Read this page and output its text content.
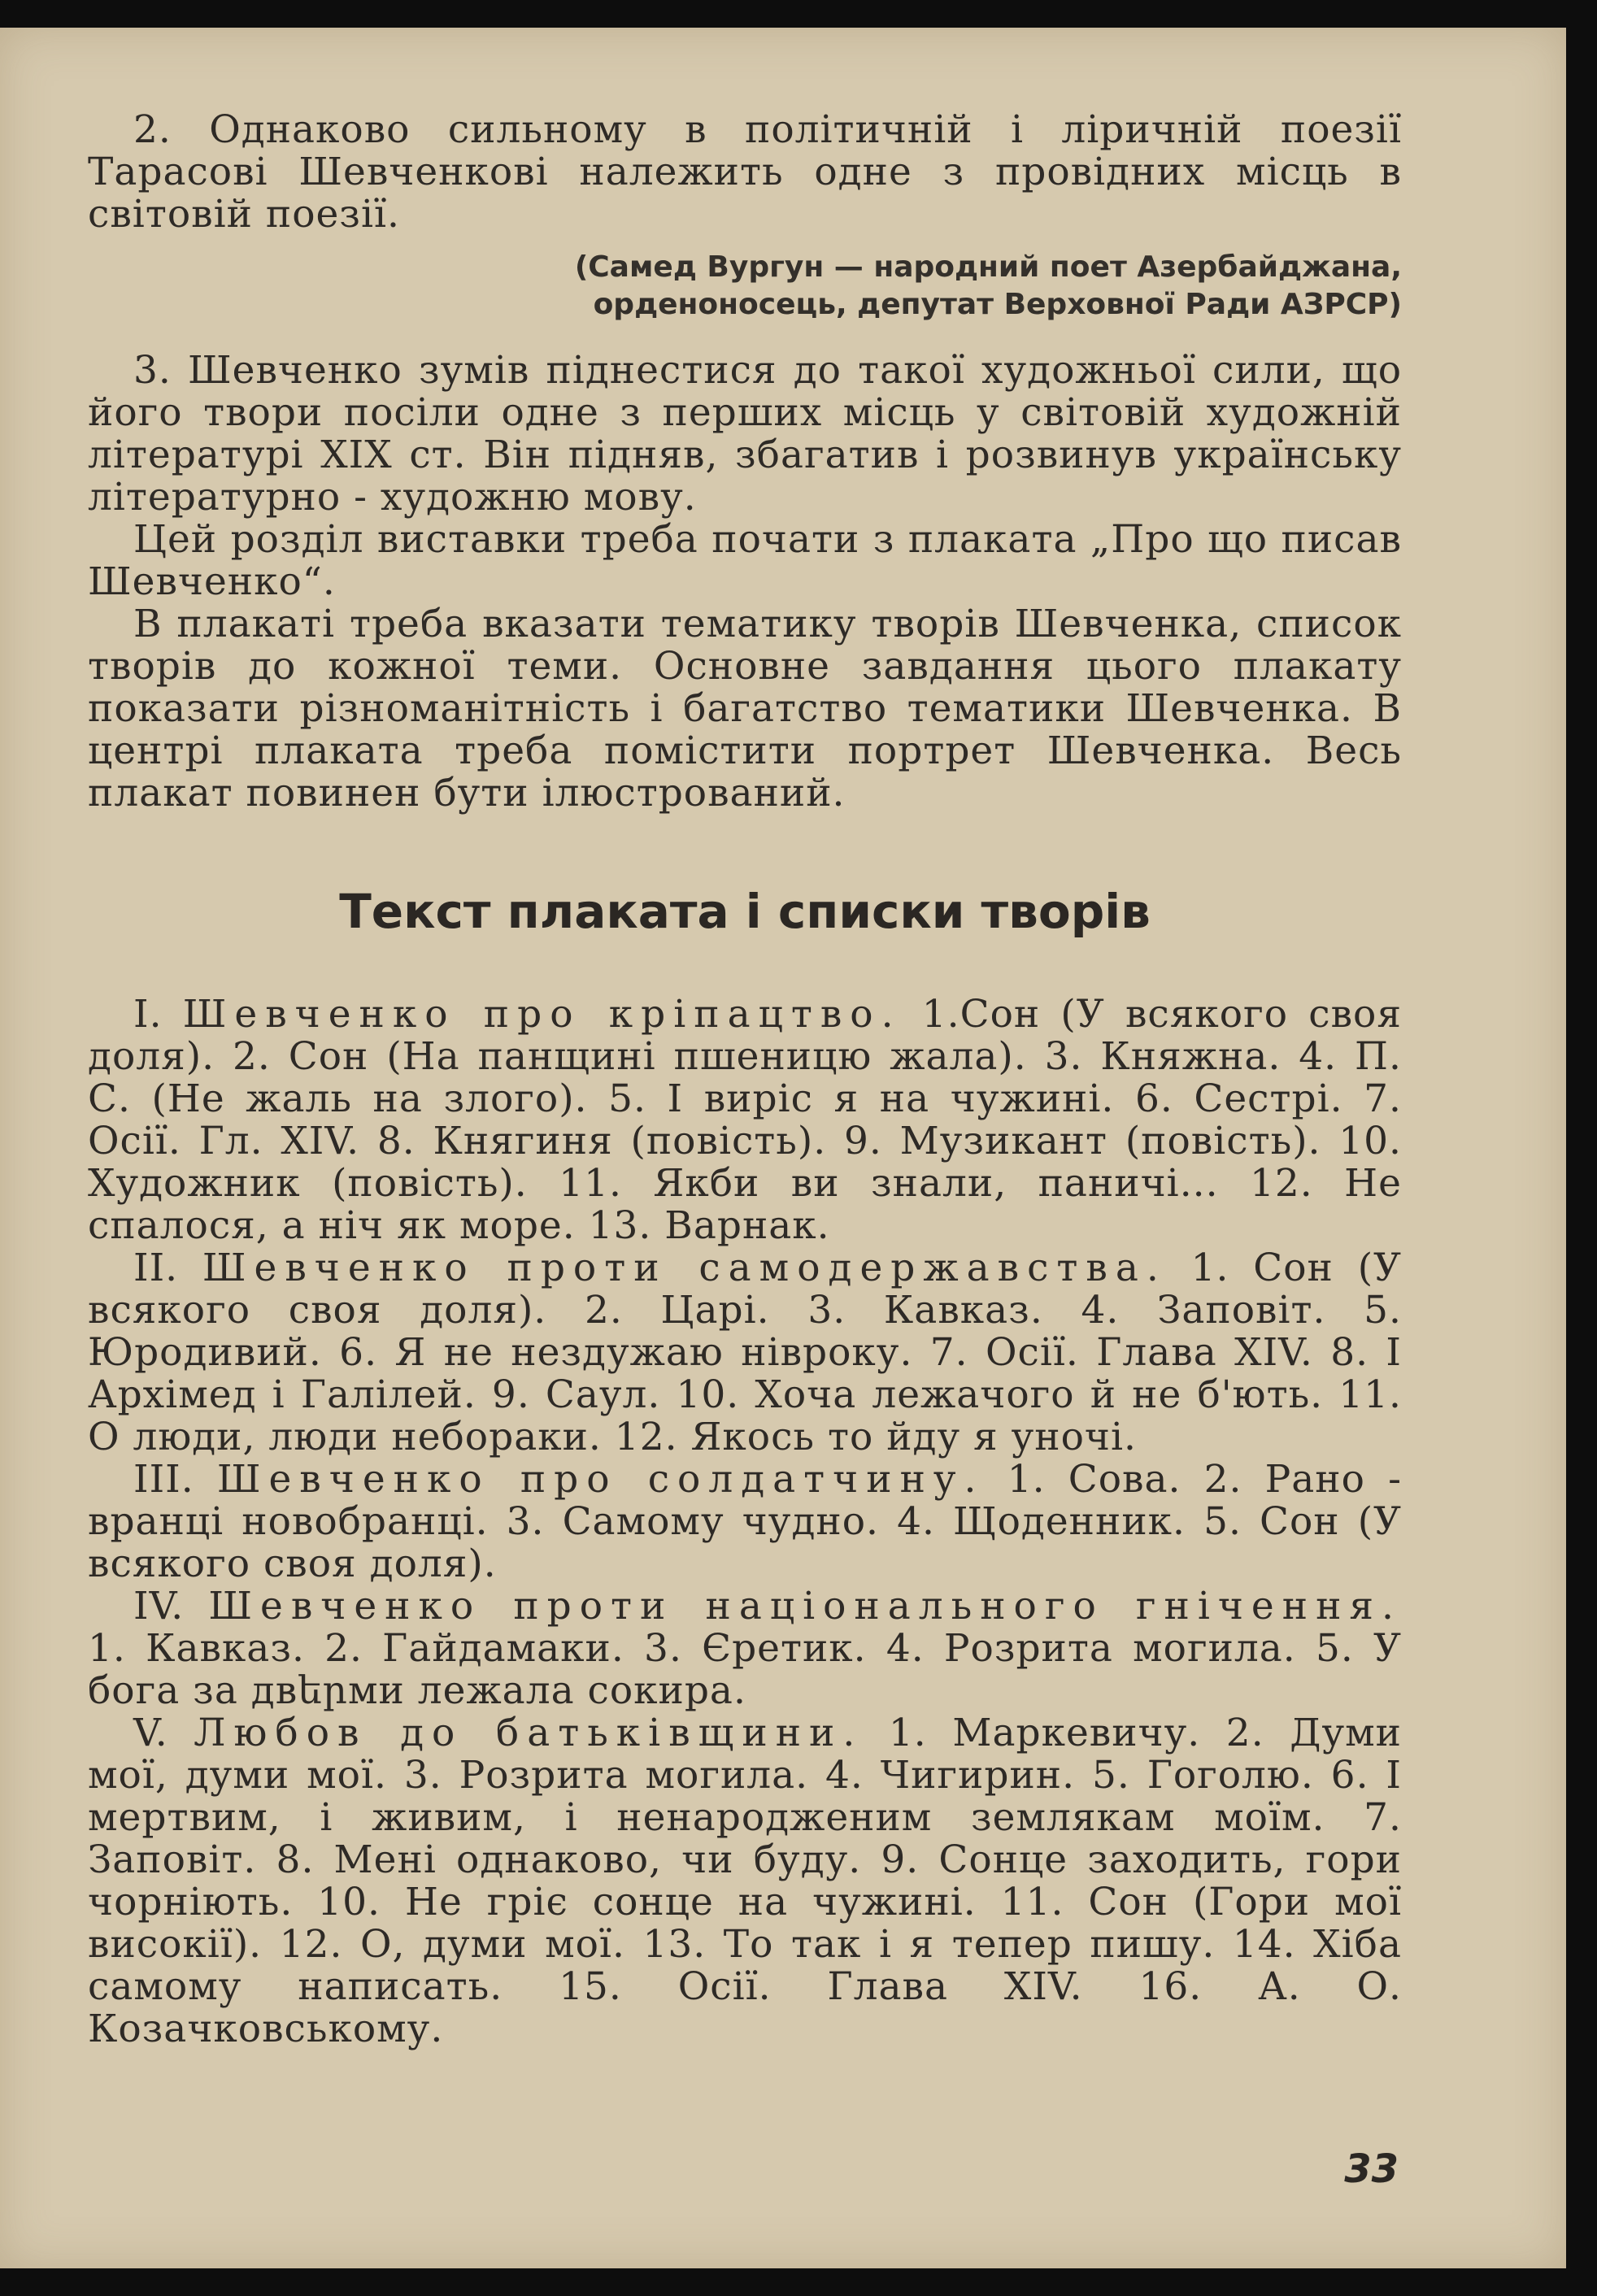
2. Однаково сильному в політичній і ліричній поезії Тарасові Шевченкові належить одне з провідних місць в світовій поезії.

(Самед Вургун — народний поет Азербайджана,
орденоносець, депутат Верховної Ради АЗРСР)

3. Шевченко зумів піднестися до такої художньої сили, що його твори посіли одне з перших місць у світовій художній літературі XIX ст. Він підняв, збагатив і розвинув українську літературно - художню мову.

Цей розділ виставки треба почати з плаката „Про що писав Шевченко“.

В плакаті треба вказати тематику творів Шевченка, список творів до кожної теми. Основне завдання цього плакату показати різноманітність і багатство тематики Шевченка. В центрі плаката треба помістити портрет Шевченка. Весь плакат повинен бути ілюстрований.

Текст плаката і списки творів

I. Шевченко про кріпацтво. 1.Сон (У всякого своя доля). 2. Сон (На панщині пшеницю жала). 3. Княжна. 4. П. С. (Не жаль на злого). 5. І виріс я на чужині. 6. Сестрі. 7. Осії. Гл. XIV. 8. Княгиня (повість). 9. Музикант (повість). 10. Художник (повість). 11. Якби ви знали, паничі... 12. Не спалося, а ніч як море. 13. Варнак.

II. Шевченко проти самодержавства. 1. Сон (У всякого своя доля). 2. Царі. 3. Кавказ. 4. Заповіт. 5. Юродивий. 6. Я не нездужаю нівроку. 7. Осії. Глава XIV. 8. І Архімед і Галілей. 9. Саул. 10. Хоча лежачого й не б'ють. 11. О люди, люди небораки. 12. Якось то йду я уночі.

III. Шевченко про солдатчину. 1. Сова. 2. Рано - вранці новобранці. 3. Самому чудно. 4. Щоденник. 5. Сон (У всякого своя доля).

IV. Шевченко проти національного гнічення. 1. Кавказ. 2. Гайдамаки. 3. Єретик. 4. Розрита могила. 5. У бога за двերми лежала сокира.

V. Любов до батьківщини. 1. Маркевичу. 2. Думи мої, думи мої. 3. Розрита могила. 4. Чигирин. 5. Гоголю. 6. І мертвим, і живим, і ненародженим землякам моїм. 7. Заповіт. 8. Мені однаково, чи буду. 9. Сонце заходить, гори чорніють. 10. Не гріє сонце на чужині. 11. Сон (Гори мої високії). 12. О, думи мої. 13. То так і я тепер пишу. 14. Хіба самому написать. 15. Осії. Глава XIV. 16. А. О. Козачковському.

33
